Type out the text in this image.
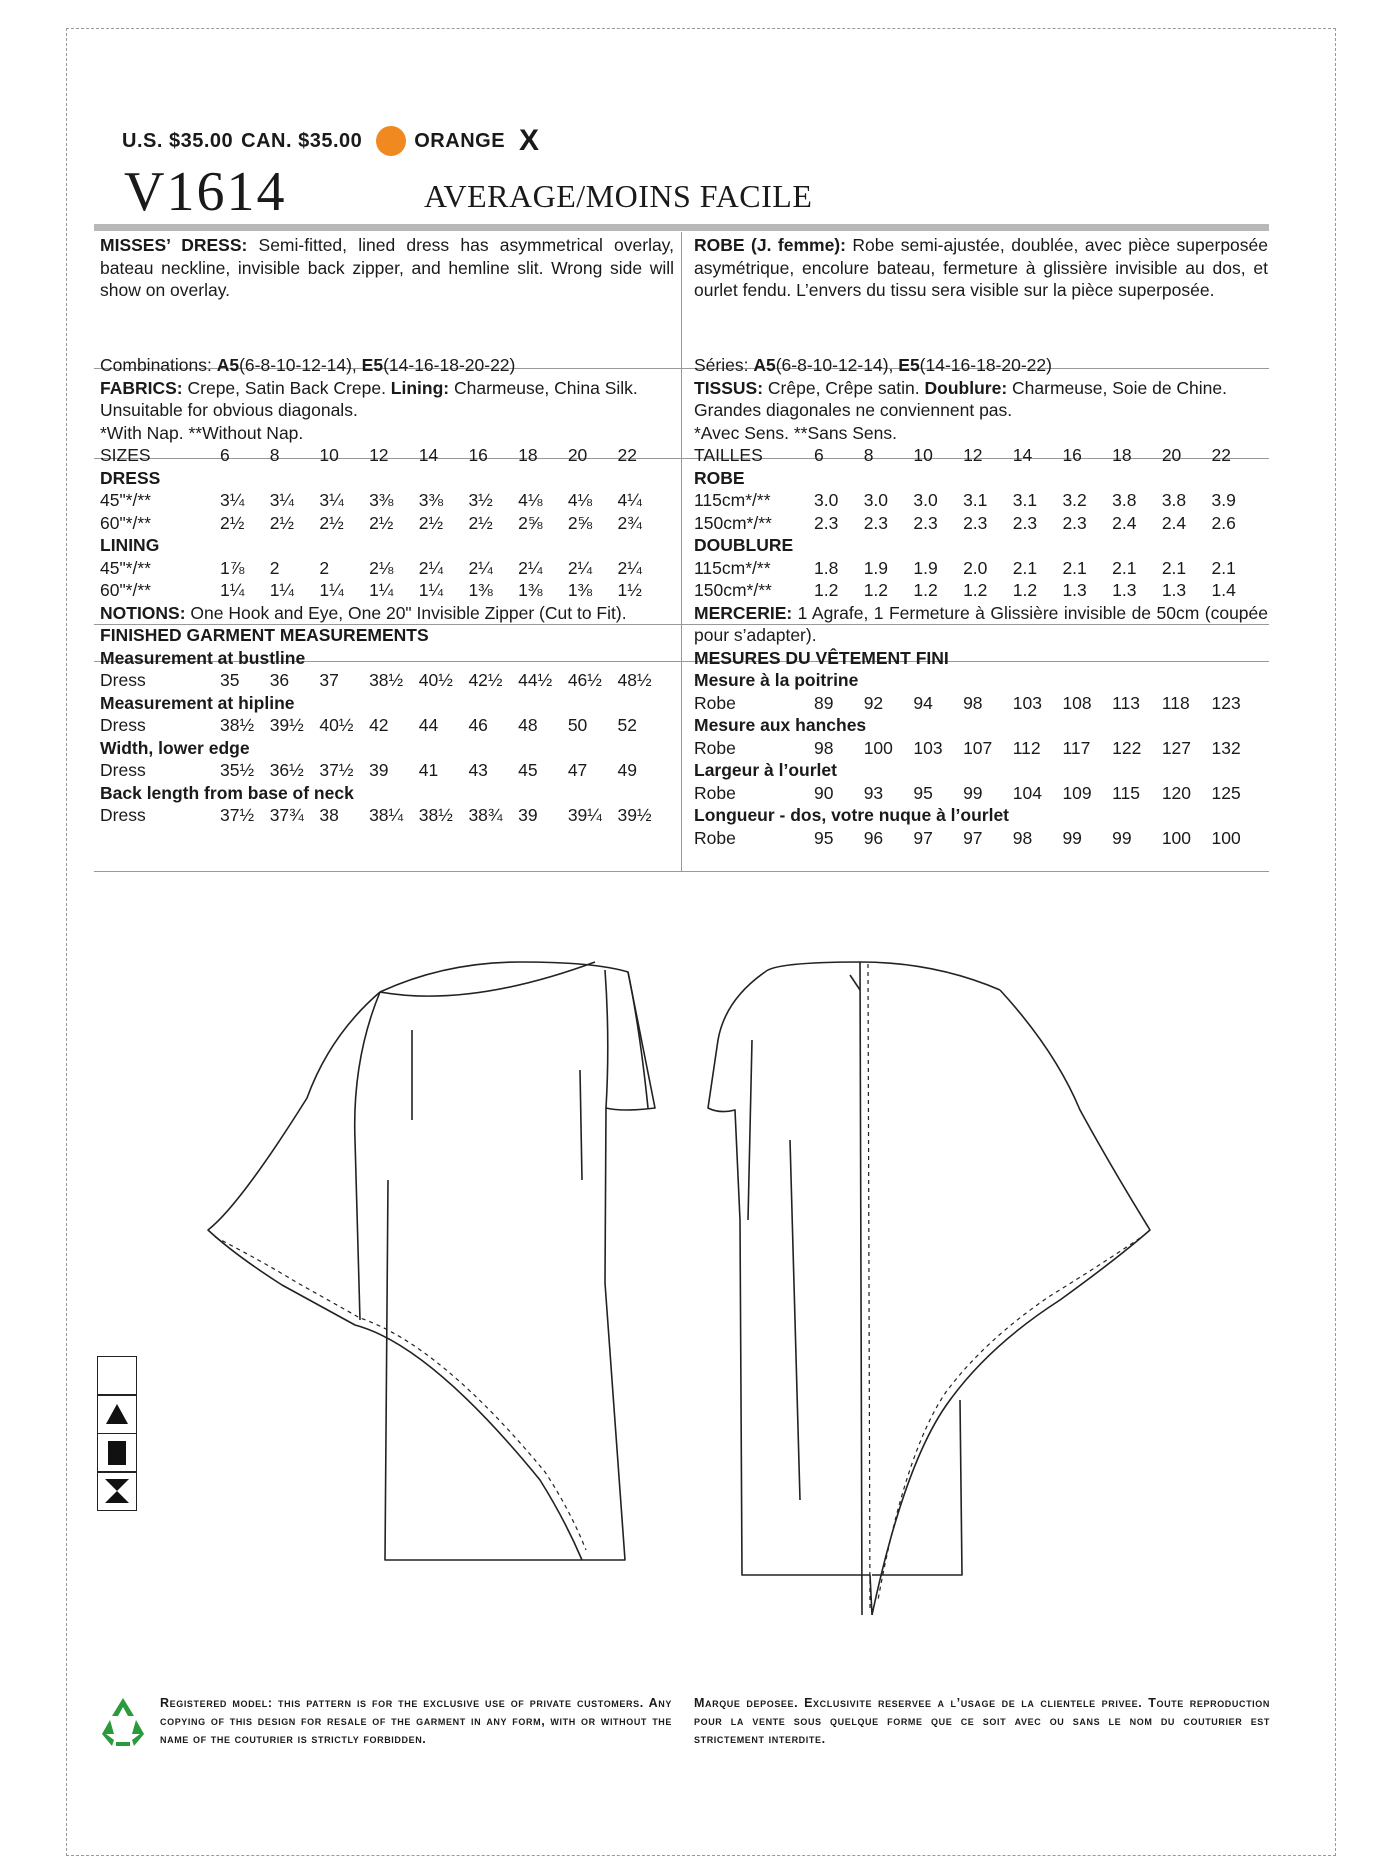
U.S. $35.00 CAN. $35.00	ORANGE X
V1614	AVERAGE/MOINS FACILE

MISSES’ DRESS: Semi-fitted, lined dress has asymmetrical overlay, bateau neckline, invisible back zipper, and hemline slit. Wrong side will show on overlay.

Combinations: A5(6-8-10-12-14), E5(14-16-18-20-22)

FABRICS: Crepe, Satin Back Crepe. Lining: Charmeuse, China Silk.

Unsuitable for obvious diagonals.

*With Nap. **Without Nap.

SIZES	6	8	10	12	14	16	18	20	22
DRESS
45"*/**	3¼	3¼	3¼	3⅜	3⅜	3½	4⅛	4⅛	4¼
60"*/**	2½	2½	2½	2½	2½	2½	2⅝	2⅝	2¾
LINING
45"*/**	1⅞	2	2	2⅛	2¼	2¼	2¼	2¼	2¼
60"*/**	1¼	1¼	1¼	1¼	1¼	1⅜	1⅜	1⅜	1½

NOTIONS: One Hook and Eye, One 20" Invisible Zipper (Cut to Fit).

FINISHED GARMENT MEASUREMENTS

Measurement at bustline
Dress	35	36	37	38½ 40½ 42½ 44½ 46½ 48½
Measurement at hipline
Dress	38½ 39½ 40½ 42	44	46	48	50	52
Width, lower edge
Dress	35½ 36½ 37½ 39	41	43	45	47	49
Back length from base of neck
Dress	37½ 37¾ 38	38¼ 38½ 38¾ 39	39¼ 39½

ROBE (J. femme): Robe semi-ajustée, doublée, avec pièce superposée asymétrique, encolure bateau, fermeture à glissière invisible au dos, et ourlet fendu. L’envers du tissu sera visible sur la pièce superposée.

Séries: A5(6-8-10-12-14), E5(14-16-18-20-22)

TISSUS: Crêpe, Crêpe satin. Doublure: Charmeuse, Soie de Chine.

Grandes diagonales ne conviennent pas.

*Avec Sens. **Sans Sens.

TAILLES	6	8	10	12	14	16	18	20	22
ROBE
115cm*/**	3.0	3.0	3.0	3.1	3.1	3.2	3.8	3.8	3.9
150cm*/**	2.3	2.3	2.3	2.3	2.3	2.3	2.4	2.4	2.6
DOUBLURE
115cm*/**	1.8	1.9	1.9	2.0	2.1	2.1	2.1	2.1	2.1
150cm*/**	1.2	1.2	1.2	1.2	1.2	1.3	1.3	1.3	1.4

MERCERIE: 1 Agrafe, 1 Fermeture à Glissière invisible de 50cm (coupée pour s’adapter).

MESURES DU VÊTEMENT FINI

Mesure à la poitrine
Robe	89	92	94	98	103	108	113	118	123
Mesure aux hanches
Robe	98	100	103	107	112	117	122	127	132
Largeur à l’ourlet
Robe	90	93	95	99	104	109	115	120	125
Longueur - dos, votre nuque à l’ourlet
Robe	95	96	97	97	98	99	99	100	100
Registered model: this pattern is for the exclusive use of private customers. Any copying of this design for resale of the garment in any form, with or without the name of the couturier is strictly forbidden.
Marque deposee. Exclusivite reservee a l’usage de la clientele privee. Toute reproduction pour la vente sous quelque forme que ce soit avec ou sans le nom du couturier est strictement interdite.
